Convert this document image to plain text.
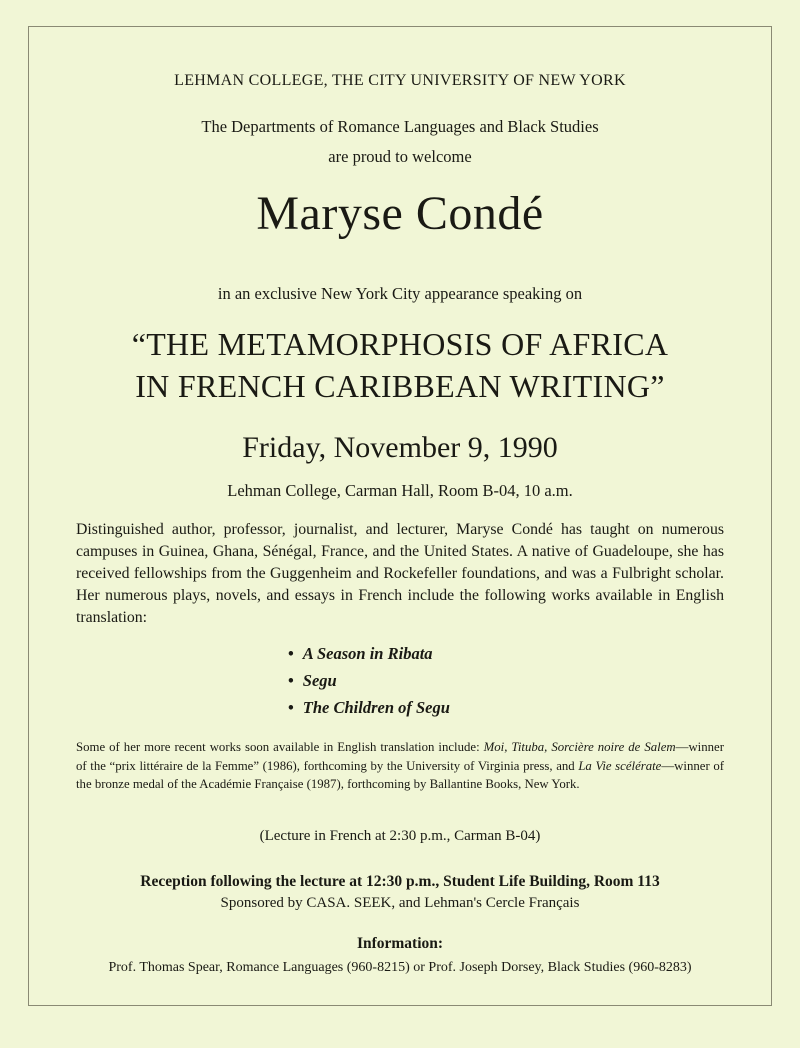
LEHMAN COLLEGE, THE CITY UNIVERSITY OF NEW YORK
The Departments of Romance Languages and Black Studies
are proud to welcome
Maryse Condé
in an exclusive New York City appearance speaking on
“THE METAMORPHOSIS OF AFRICA
IN FRENCH CARIBBEAN WRITING”
Friday, November 9, 1990
Lehman College, Carman Hall, Room B-04, 10 a.m.
Distinguished author, professor, journalist, and lecturer, Maryse Condé has taught on numerous campuses in Guinea, Ghana, Sénégal, France, and the United States. A native of Guadeloupe, she has received fellowships from the Guggenheim and Rockefeller foundations, and was a Fulbright scholar. Her numerous plays, novels, and essays in French include the following works available in English translation:
• A Season in Ribata
• Segu
• The Children of Segu
Some of her more recent works soon available in English translation include: Moi, Tituba, Sorcière noire de Salem—winner of the “prix littéraire de la Femme” (1986), forthcoming by the University of Virginia press, and La Vie scélérate—winner of the bronze medal of the Académie Française (1987), forthcoming by Ballantine Books, New York.
(Lecture in French at 2:30 p.m., Carman B-04)
Reception following the lecture at 12:30 p.m., Student Life Building, Room 113
Sponsored by CASA. SEEK, and Lehman's Cercle Français
Information:
Prof. Thomas Spear, Romance Languages (960-8215) or Prof. Joseph Dorsey, Black Studies (960-8283)
